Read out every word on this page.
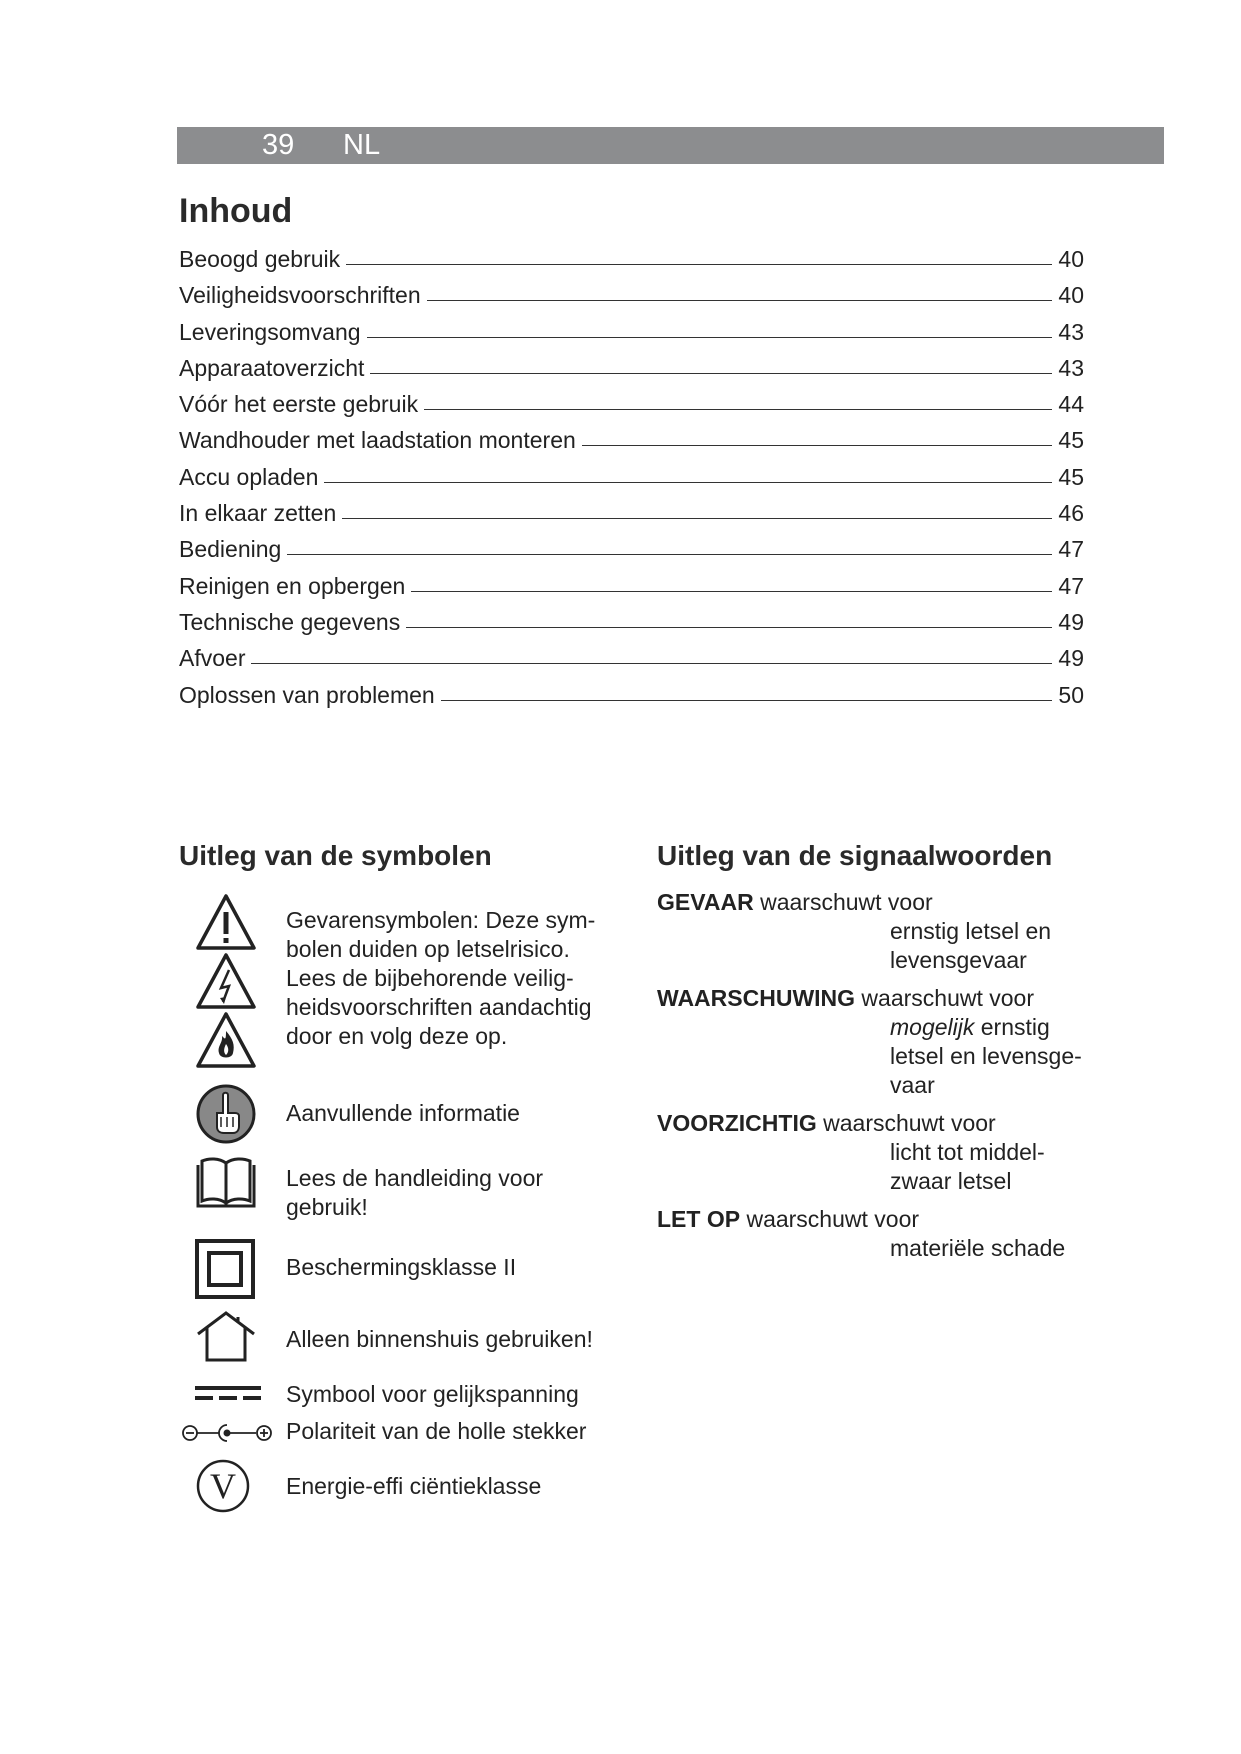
39 NL
Inhoud
Beoogd gebruik	40
Veiligheidsvoorschriften	40
Leveringsomvang	43
Apparaatoverzicht	43
Vóór het eerste gebruik	44
Wandhouder met laadstation monteren	45
Accu opladen	45
In elkaar zetten	46
Bediening	47
Reinigen en opbergen	47
Technische gegevens	49
Afvoer	49
Oplossen van problemen	50
Uitleg van de symbolen
Gevarensymbolen: Deze sym-
bolen duiden op letselrisico.
Lees de bijbehorende veilig-
heidsvoorschriften aandachtig
door en volg deze op.
Aanvullende informatie
Lees de handleiding voor
gebruik!
Beschermingsklasse II
Alleen binnenshuis gebruiken!
Symbool voor gelijkspanning
Polariteit van de holle stekker
V Energie-effi ciëntieklasse
Uitleg van de signaalwoorden
GEVAAR waarschuwt voor
ernstig letsel en
levensgevaar
WAARSCHUWING waarschuwt voor
mogelijk ernstig
letsel en levensge-
vaar
VOORZICHTIG waarschuwt voor
licht tot middel-
zwaar letsel
LET OP waarschuwt voor
materiële schade
